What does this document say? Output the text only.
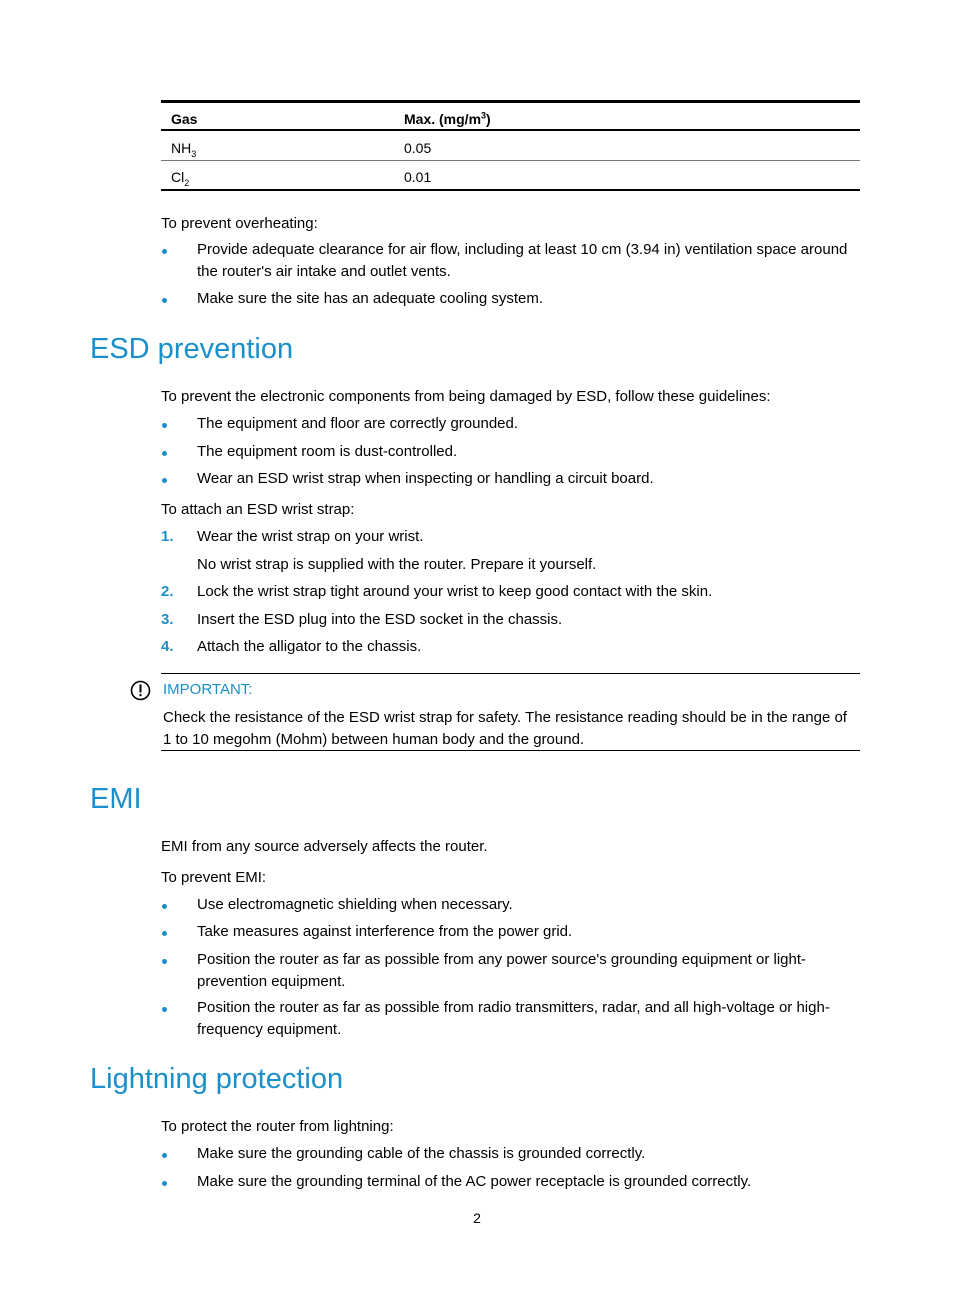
Gas	Max. $(mg/m^3)$
$NH_3$	0.05
$Cl_2$	0.01
To prevent overheating:
Provide adequate clearance for air flow, including at least 10 cm (3.94 in) ventilation space around the router's air intake and outlet vents.
Make sure the site has an adequate cooling system.
ESD prevention
To prevent the electronic components from being damaged by ESD, follow these guidelines:
The equipment and floor are correctly grounded.
The equipment room is dust-controlled.
Wear an ESD wrist strap when inspecting or handling a circuit board.
To attach an ESD wrist strap:
1. Wear the wrist strap on your wrist.
No wrist strap is supplied with the router. Prepare it yourself.
2. Lock the wrist strap tight around your wrist to keep good contact with the skin.
3. Insert the ESD plug into the ESD socket in the chassis.
4. Attach the alligator to the chassis.
IMPORTANT:
Check the resistance of the ESD wrist strap for safety. The resistance reading should be in the range of 1 to 10 megohm (Mohm) between human body and the ground.
EMI
EMI from any source adversely affects the router.
To prevent EMI:
Use electromagnetic shielding when necessary.
Take measures against interference from the power grid.
Position the router as far as possible from any power source's grounding equipment or light-prevention equipment.
Position the router as far as possible from radio transmitters, radar, and all high-voltage or high-frequency equipment.
Lightning protection
To protect the router from lightning:
Make sure the grounding cable of the chassis is grounded correctly.
Make sure the grounding terminal of the AC power receptacle is grounded correctly.
2
